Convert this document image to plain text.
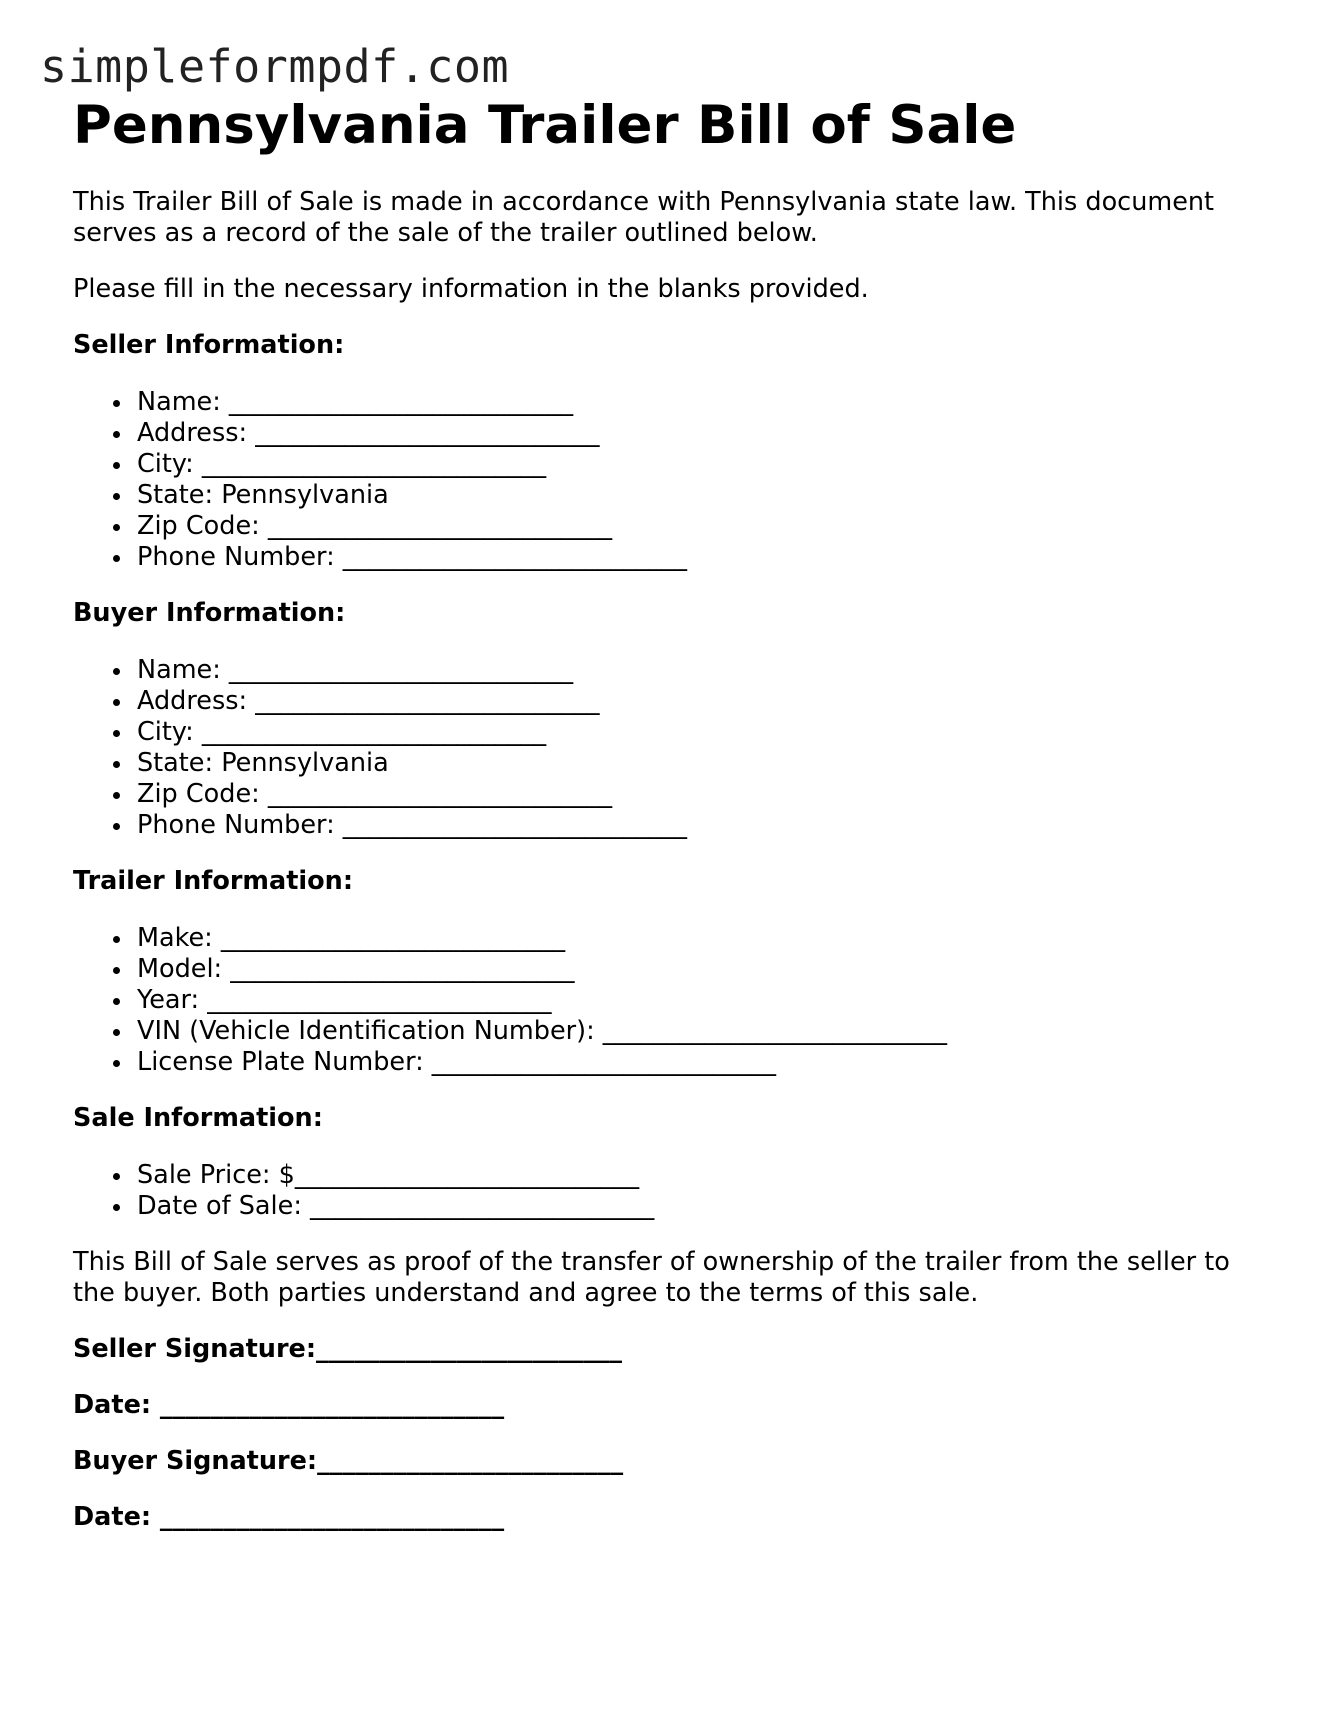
simpleformpdf.com
Pennsylvania Trailer Bill of Sale

This Trailer Bill of Sale is made in accordance with Pennsylvania state law. This document serves as a record of the sale of the trailer outlined below.

Please fill in the necessary information in the blanks provided.

Seller Information:
Name: ___________________________
Address: ___________________________
City: ___________________________
State: Pennsylvania
Zip Code: ___________________________
Phone Number: ___________________________
Buyer Information:
Name: ___________________________
Address: ___________________________
City: ___________________________
State: Pennsylvania
Zip Code: ___________________________
Phone Number: ___________________________
Trailer Information:
Make: ___________________________
Model: ___________________________
Year: ___________________________
VIN (Vehicle Identification Number): ___________________________
License Plate Number: ___________________________
Sale Information:
Sale Price: $___________________________
Date of Sale: ___________________________

This Bill of Sale serves as proof of the transfer of ownership of the trailer from the seller to the buyer. Both parties understand and agree to the terms of this sale.

Seller Signature:________________________
Date: ___________________________
Buyer Signature:________________________
Date: ___________________________
